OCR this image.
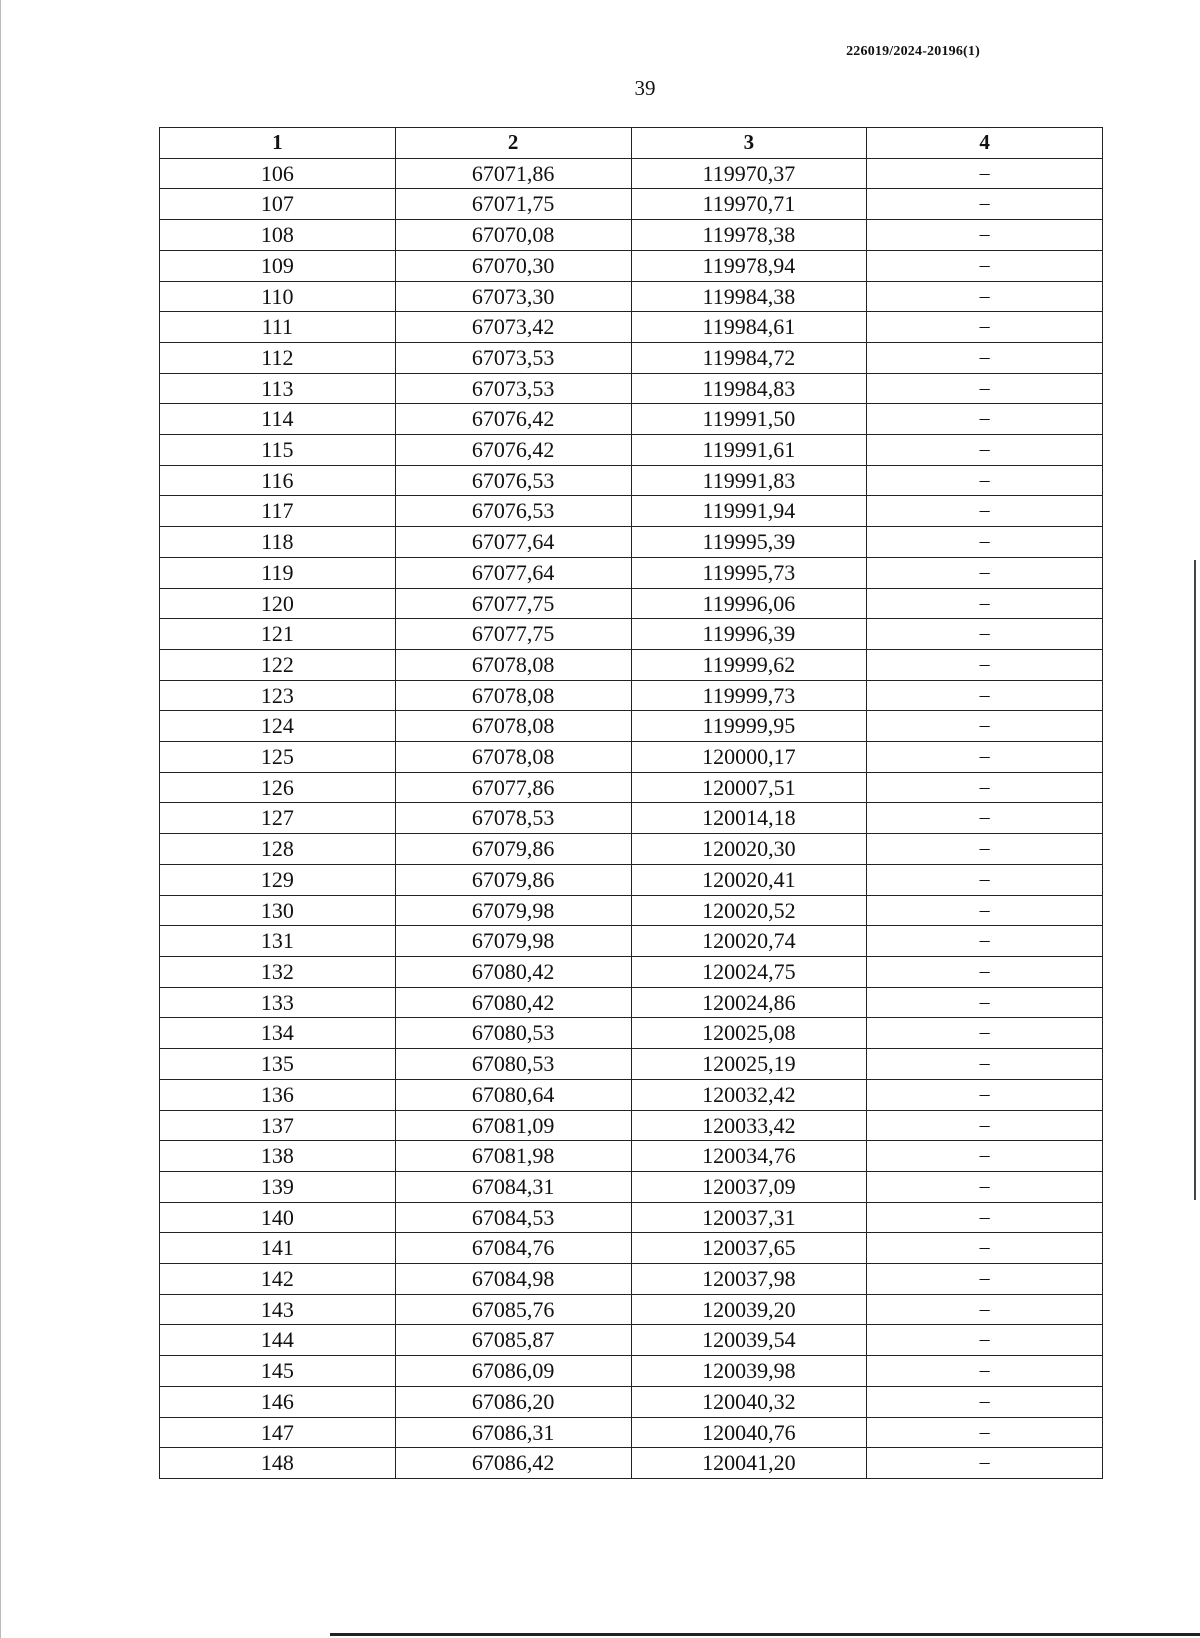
226019/2024-20196(1)
39
1	2	3	4
106	67071,86	119970,37	–
107	67071,75	119970,71	–
108	67070,08	119978,38	–
109	67070,30	119978,94	–
110	67073,30	119984,38	–
111	67073,42	119984,61	–
112	67073,53	119984,72	–
113	67073,53	119984,83	–
114	67076,42	119991,50	–
115	67076,42	119991,61	–
116	67076,53	119991,83	–
117	67076,53	119991,94	–
118	67077,64	119995,39	–
119	67077,64	119995,73	–
120	67077,75	119996,06	–
121	67077,75	119996,39	–
122	67078,08	119999,62	–
123	67078,08	119999,73	–
124	67078,08	119999,95	–
125	67078,08	120000,17	–
126	67077,86	120007,51	–
127	67078,53	120014,18	–
128	67079,86	120020,30	–
129	67079,86	120020,41	–
130	67079,98	120020,52	–
131	67079,98	120020,74	–
132	67080,42	120024,75	–
133	67080,42	120024,86	–
134	67080,53	120025,08	–
135	67080,53	120025,19	–
136	67080,64	120032,42	–
137	67081,09	120033,42	–
138	67081,98	120034,76	–
139	67084,31	120037,09	–
140	67084,53	120037,31	–
141	67084,76	120037,65	–
142	67084,98	120037,98	–
143	67085,76	120039,20	–
144	67085,87	120039,54	–
145	67086,09	120039,98	–
146	67086,20	120040,32	–
147	67086,31	120040,76	–
148	67086,42	120041,20	–
